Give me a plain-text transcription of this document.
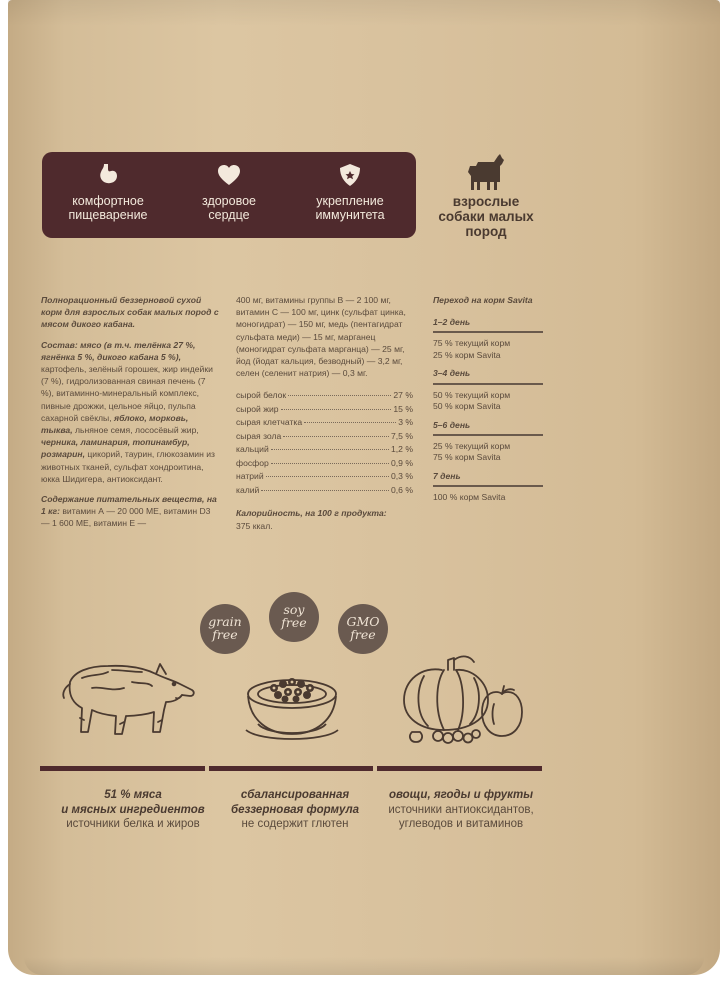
комфортное
пищеварение
здоровое
сердце
укрепление
иммунитета
взрослые
собаки малых
пород

Полнорационный беззерновой сухой корм для взрослых собак малых пород с мясом дикого кабана.

Состав: мясо (в т.ч. телёнка 27 %, ягнёнка 5 %, дикого кабана 5 %), картофель, зелёный горошек, жир индейки (7 %), гидролизованная свиная печень (7 %), витаминно-минеральный комплекс, пивные дрожжи, цельное яйцо, пульпа сахарной свёклы, яблоко, морковь, тыква, льняное семя, лососёвый жир, черника, ламинария, топинамбур, розмарин, цикорий, таурин, глюкозамин из животных тканей, сульфат хондроитина, юкка Шидигера, антиоксидант.

Содержание питательных веществ, на 1 кг: витамин А — 20 000 МЕ, витамин D3 — 1 600 МЕ, витамин Е —

400 мг, витамины группы В — 2 100 мг, витамин С — 100 мг, цинк (сульфат цинка, моногидрат) — 150 мг, медь (пентагидрат сульфата меди) — 15 мг, марганец (моногидрат сульфата марганца) — 25 мг, йод (йодат кальция, безводный) — 3,2 мг, селен (селенит натрия) — 0,3 мг.

сырой белок	27 %
сырой жир	15 %
сырая клетчатка	3 %
сырая зола	7,5 %
кальций	1,2 %
фосфор	0,9 %
натрий	0,3 %
калий	0,6 %
Калорийность, на 100 г продукта:
375 ккал.
Переход на корм Savita
1–2 день
75 % текущий корм
25 % корм Savita
3–4 день
50 % текущий корм
50 % корм Savita
5–6 день
25 % текущий корм
75 % корм Savita
7 день
100 % корм Savita
grain
free
soy
free	GMO
free
51 % мяса
и мясных ингредиентов
источники белка и жиров
сбалансированная
беззерновая формула
не содержит глютен
овощи, ягоды и фрукты
источники антиоксидантов,
углеводов и витаминов
